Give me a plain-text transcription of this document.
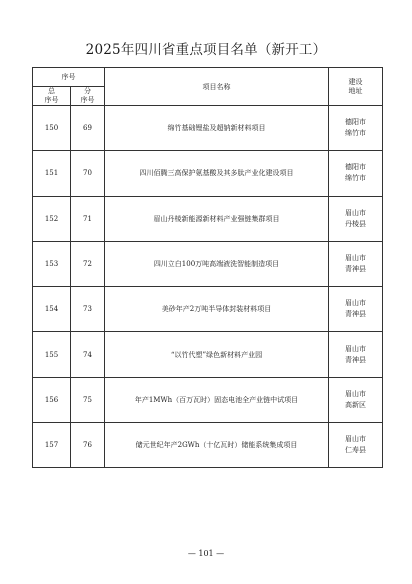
2025年四川省重点项目名单（新开工）
序号		项目名称	建设
地址

总
序号	分
序号		

150	69	绵竹基础锂盐及超钠新材料项目	德阳市
绵竹市

151	70	四川佰腾三高保护氨基酸及其多肽产业化建设项目	德阳市
绵竹市

152	71	眉山丹棱新能源新材料产业强链集群项目	眉山市
丹棱县

153	72	四川立白100万吨高端液洗智能制造项目	眉山市
青神县

154	73	美砂年产2万吨半导体封装材料项目	眉山市
青神县

155	74	“以竹代塑”绿色新材料产业园	眉山市
青神县

156	75	年产1MWh（百万瓦时）固态电池全产业链中试项目	眉山市
高新区

157	76	储元世纪年产2GWh（十亿瓦时）储能系统集成项目	眉山市
仁寿县
— 101 —
